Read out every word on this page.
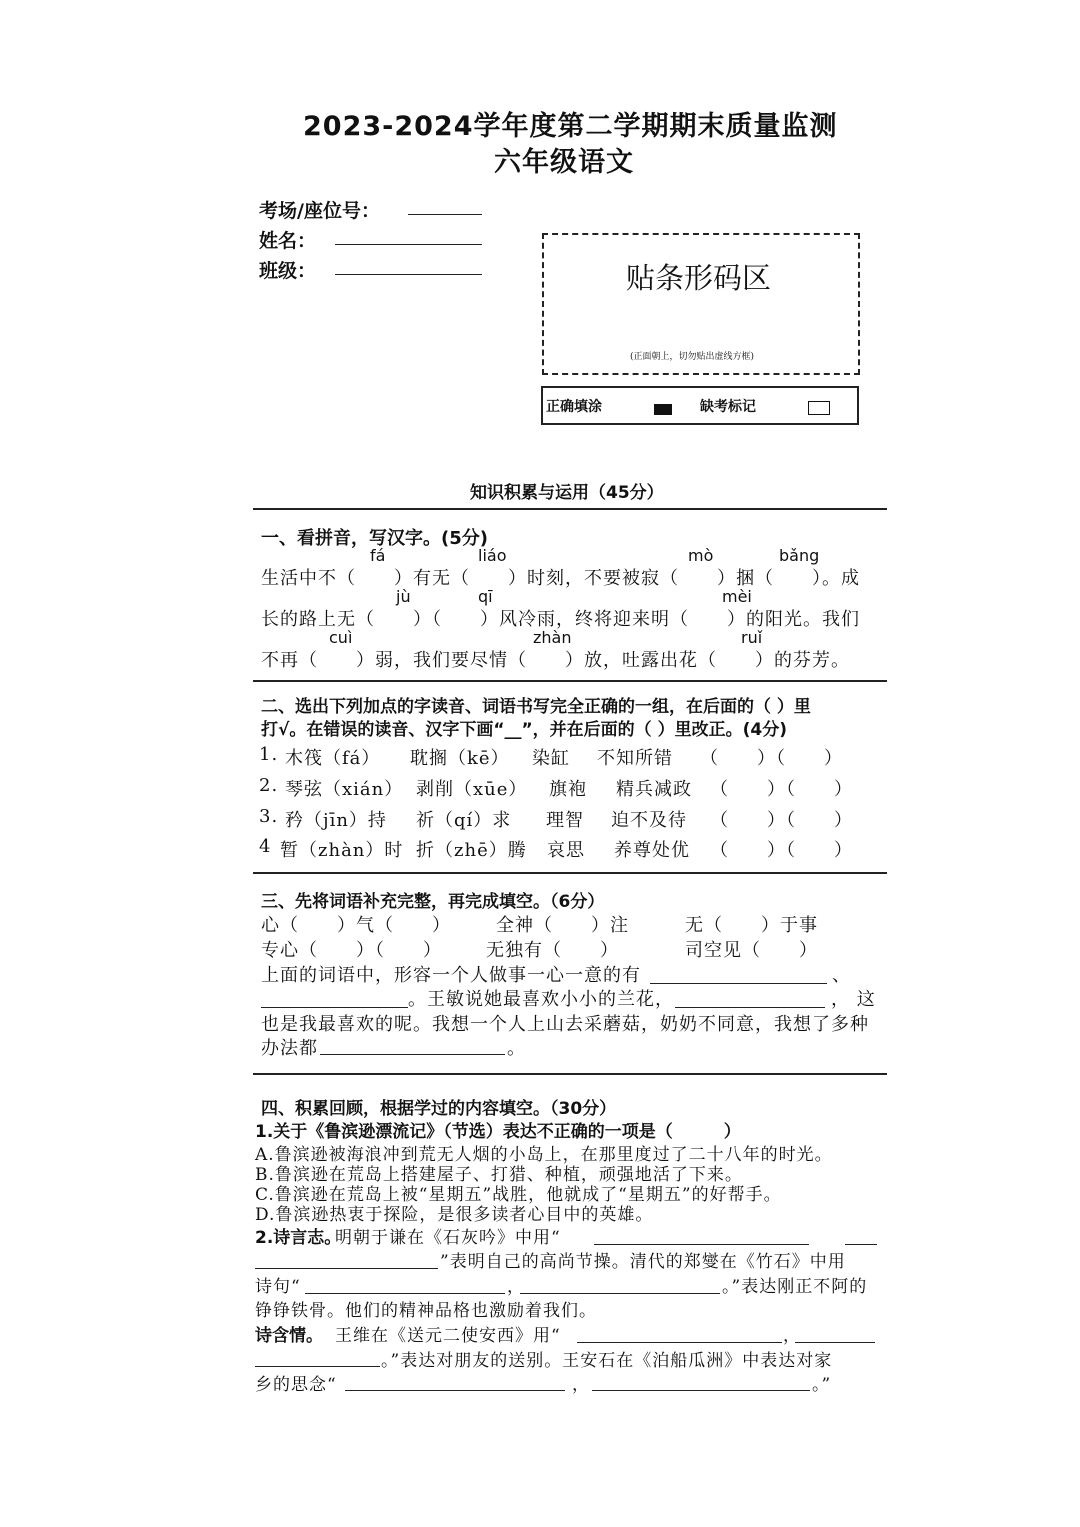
2023-2024学年度第二学期期末质量监测
六年级语文
考场/座位号：
姓名：
班级：	贴条形码区
(正面朝上，切勿贴出虚线方框)
正确填涂	缺考标记
知识积累与运用（45分）
一、看拼音，写汉字。(5分)
fá	liáo	mò	bǎng
生活中不（　　）有无（　　）时刻，不要被寂（　　）捆（　　）。成
jù	qī	mèi
长的路上无（　　）（　　）风冷雨，终将迎来明（　　）的阳光。我们
cuì	zhàn	ruǐ
不再（　　）弱，我们要尽情（　　）放，吐露出花（　　）的芬芳。
二、选出下列加点的字读音、词语书写完全正确的一组，在后面的（ ）里
打√。在错误的读音、汉字下画“__”，并在后面的（ ）里改正。(4分)
1. 木筏（fá） 耽搁（kē） 染缸 不知所错 （　　）（　　）
2. 琴弦（xián） 剥削（xūe） 旗袍 精兵减政 （　　）（　　）
3. 矜（jīn）持 祈（qí）求 理智 迫不及待 （　　）（　　）
4 暂（zhàn）时 折（zhē）腾 哀思 养尊处优 （　　）（　　）
三、先将词语补充完整，再完成填空。（6分）
心（　　）气（　　）	全神（　　）注	无（　　）于事
专心（　　）（　　） 无独有（　　）	司空见（　　）
上面的词语中，形容一个人做事一心一意的有	、
。王敏说她最喜欢小小的兰花，	， 这
也是我最喜欢的呢。我想一个人上山去采蘑菇，奶奶不同意，我想了多种
办法都	。
四、积累回顾，根据学过的内容填空。（30分）
1.关于《鲁滨逊漂流记》（节选）表达不正确的一项是（　　　）
A.鲁滨逊被海浪冲到荒无人烟的小岛上，在那里度过了二十八年的时光。
B.鲁滨逊在荒岛上搭建屋子、打猎、种植，顽强地活了下来。
C.鲁滨逊在荒岛上被“星期五”战胜，他就成了“星期五”的好帮手。
D.鲁滨逊热衷于探险，是很多读者心目中的英雄。
2.诗言志。
明朝于谦在《石灰吟》中用“
”表明自己的高尚节操。清代的郑燮在《竹石》中用
诗句“	，	。”表达刚正不阿的
铮铮铁骨。他们的精神品格也激励着我们。
诗含情。 王维在《送元二使安西》用“	，
。”表达对朋友的送别。王安石在《泊船瓜洲》中表达对家
乡的思念“	，	。”
